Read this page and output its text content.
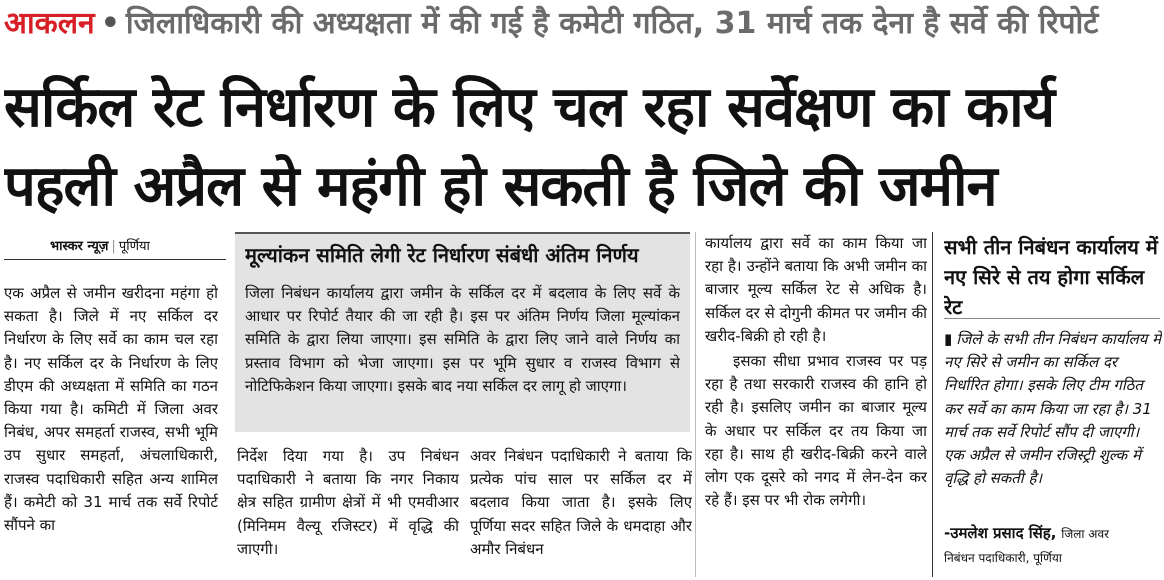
आकलन • जिलाधिकारी की अध्यक्षता में की गई है कमेटी गठित, 31 मार्च तक देना है सर्वे की रिपोर्ट
सर्किल रेट निर्धारण के लिए चल रहा सर्वेक्षण का कार्य
पहली अप्रैल से महंगी हो सकती है जिले की जमीन
भास्कर न्यूज़ | पूर्णिया
एक अप्रैल से जमीन खरीदना महंगा हो सकता है। जिले में नए सर्किल दर निर्धारण के लिए सर्वे का काम चल रहा है। नए सर्किल दर के निर्धारण के लिए डीएम की अध्यक्षता में समिति का गठन किया गया है। कमिटी में जिला अवर निबंध, अपर समहर्ता राजस्व, सभी भूमि उप सुधार समहर्ता, अंचलाधिकारी, राजस्व पदाधिकारी सहित अन्य शामिल हैं। कमेटी को 31 मार्च तक सर्वे रिपोर्ट सौंपने का
मूल्यांकन समिति लेगी रेट निर्धारण संबंधी अंतिम निर्णय
जिला निबंधन कार्यालय द्वारा जमीन के सर्किल दर में बदलाव के लिए सर्वे के आधार पर रिपोर्ट तैयार की जा रही है। इस पर अंतिम निर्णय जिला मूल्यांकन समिति के द्वारा लिया जाएगा। इस समिति के द्वारा लिए जाने वाले निर्णय का प्रस्ताव विभाग को भेजा जाएगा। इस पर भूमि सुधार व राजस्व विभाग से नोटिफिकेशन किया जाएगा। इसके बाद नया सर्किल दर लागू हो जाएगा।
निर्देश दिया गया है। उप निबंधन पदाधिकारी ने बताया कि नगर निकाय क्षेत्र सहित ग्रामीण क्षेत्रों में भी एमवीआर (मिनिमम वैल्यू रजिस्टर) में वृद्धि की जाएगी।
अवर निबंधन पदाधिकारी ने बताया कि प्रत्येक पांच साल पर सर्किल दर में बदलाव किया जाता है। इसके लिए पूर्णिया सदर सहित जिले के धमदाहा और अमौर निबंधन

कार्यालय द्वारा सर्वे का काम किया जा रहा है। उन्होंने बताया कि अभी जमीन का बाजार मूल्य सर्किल रेट से अधिक है। सर्किल दर से दोगुनी कीमत पर जमीन की खरीद-बिक्री हो रही है।

इसका सीधा प्रभाव राजस्व पर पड़ रहा है तथा सरकारी राजस्व की हानि हो रही है। इसलिए जमीन का बाजार मूल्य के अधार पर सर्किल दर तय किया जा रहा है। साथ ही खरीद-बिक्री करने वाले लोग एक दूसरे को नगद में लेन-देन कर रहे हैं। इस पर भी रोक लगेगी।

सभी तीन निबंधन कार्यालय में नए सिरे से तय होगा सर्किल रेट
▮ जिले के सभी तीन निबंधन कार्यालय में नए सिरे से जमीन का सर्किल दर निर्धारित होगा। इसके लिए टीम गठित कर सर्वे का काम किया जा रहा है। 31 मार्च तक सर्वे रिपोर्ट सौंप दी जाएगी। एक अप्रैल से जमीन रजिस्ट्री शुल्क में वृद्धि हो सकती है।
-उमलेश प्रसाद सिंह, जिला अवर
निबंधन पदाधिकारी, पूर्णिया
